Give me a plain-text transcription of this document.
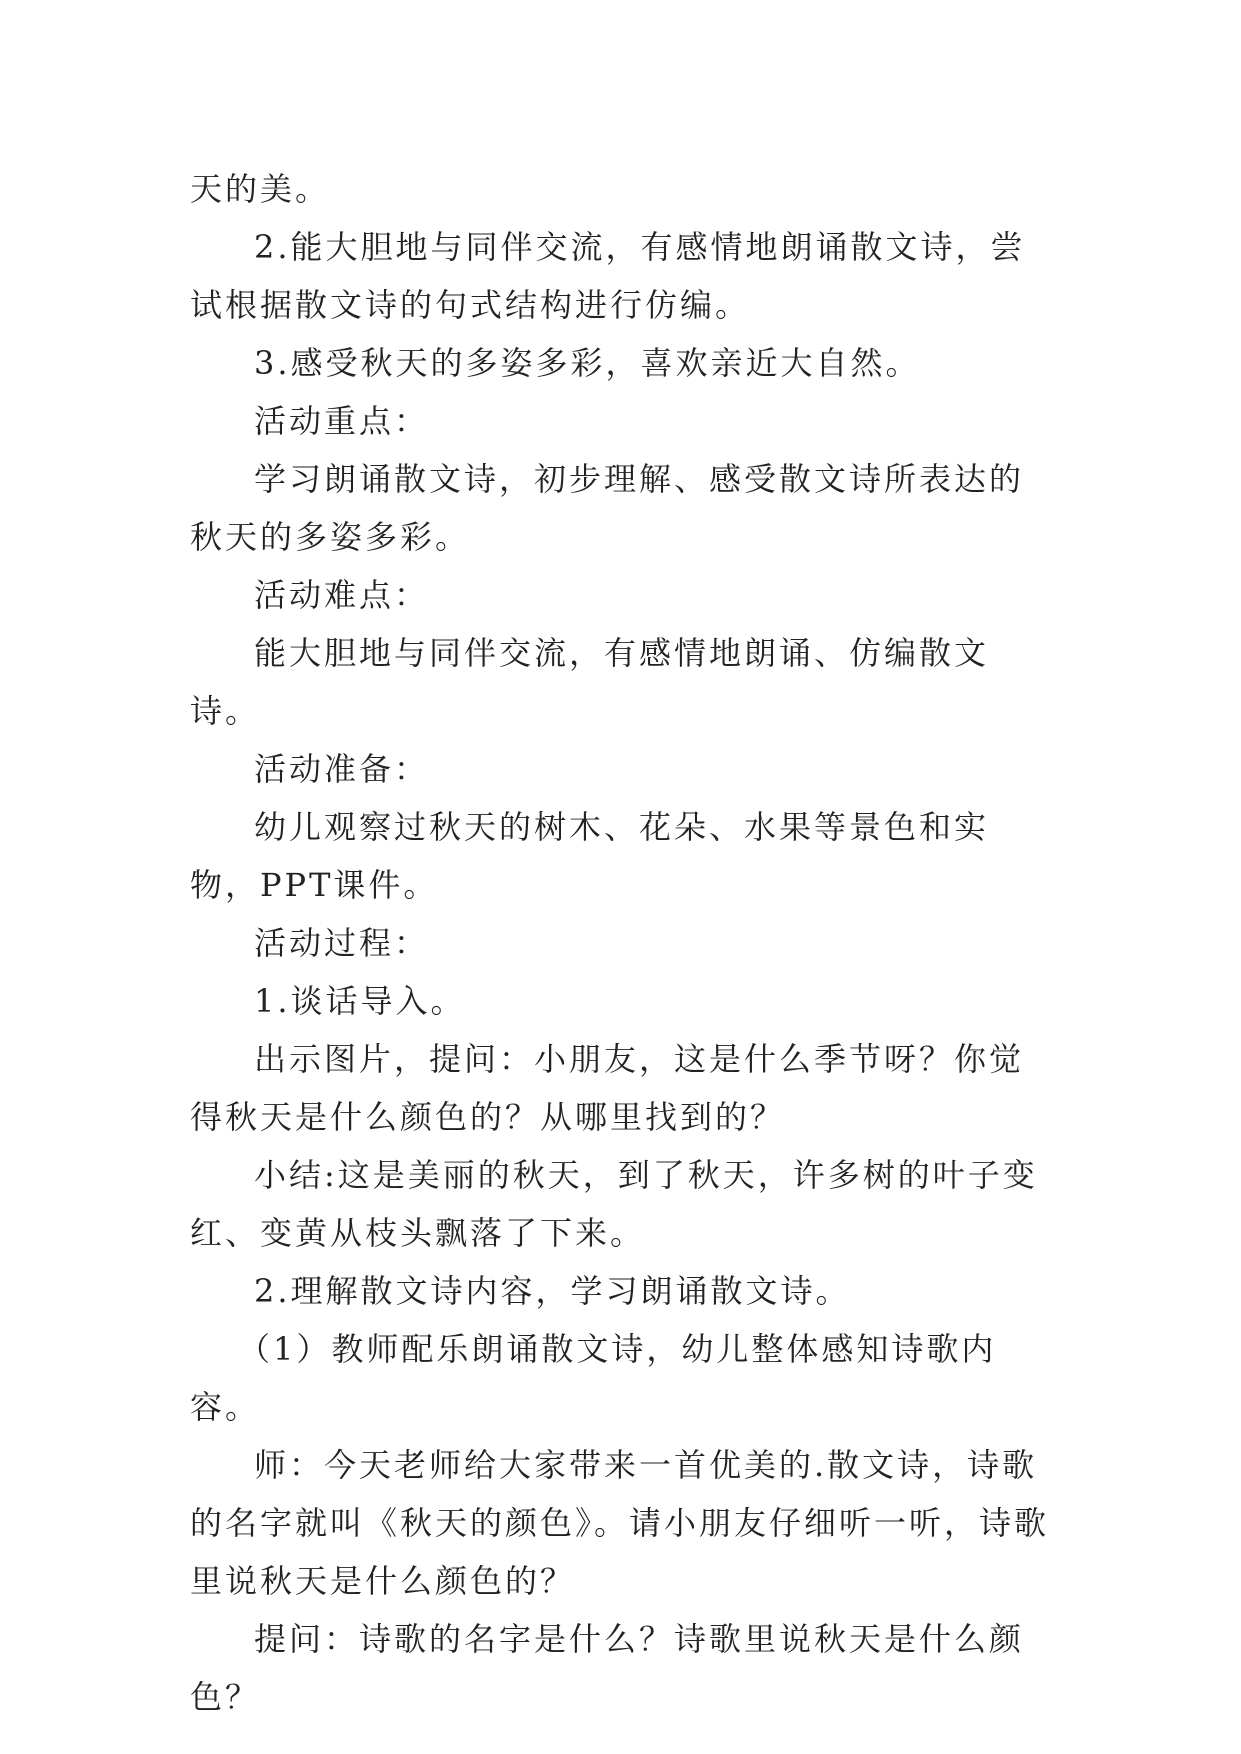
天的美。

2.能大胆地与同伴交流，有感情地朗诵散文诗，尝试根据散文诗的句式结构进行仿编。

3.感受秋天的多姿多彩，喜欢亲近大自然。

活动重点：

学习朗诵散文诗，初步理解、感受散文诗所表达的秋天的多姿多彩。

活动难点：

能大胆地与同伴交流，有感情地朗诵、仿编散文诗。

活动准备：

幼儿观察过秋天的树木、花朵、水果等景色和实物，PPT课件。

活动过程：

1.谈话导入。

出示图片，提问：小朋友，这是什么季节呀？你觉得秋天是什么颜色的？从哪里找到的？

小结:这是美丽的秋天，到了秋天，许多树的叶子变红、变黄从枝头飘落了下来。

2.理解散文诗内容，学习朗诵散文诗。

（1）教师配乐朗诵散文诗，幼儿整体感知诗歌内容。

师：今天老师给大家带来一首优美的.散文诗，诗歌的名字就叫《秋天的颜色》。请小朋友仔细听一听，诗歌里说秋天是什么颜色的？

提问：诗歌的名字是什么？诗歌里说秋天是什么颜色？
